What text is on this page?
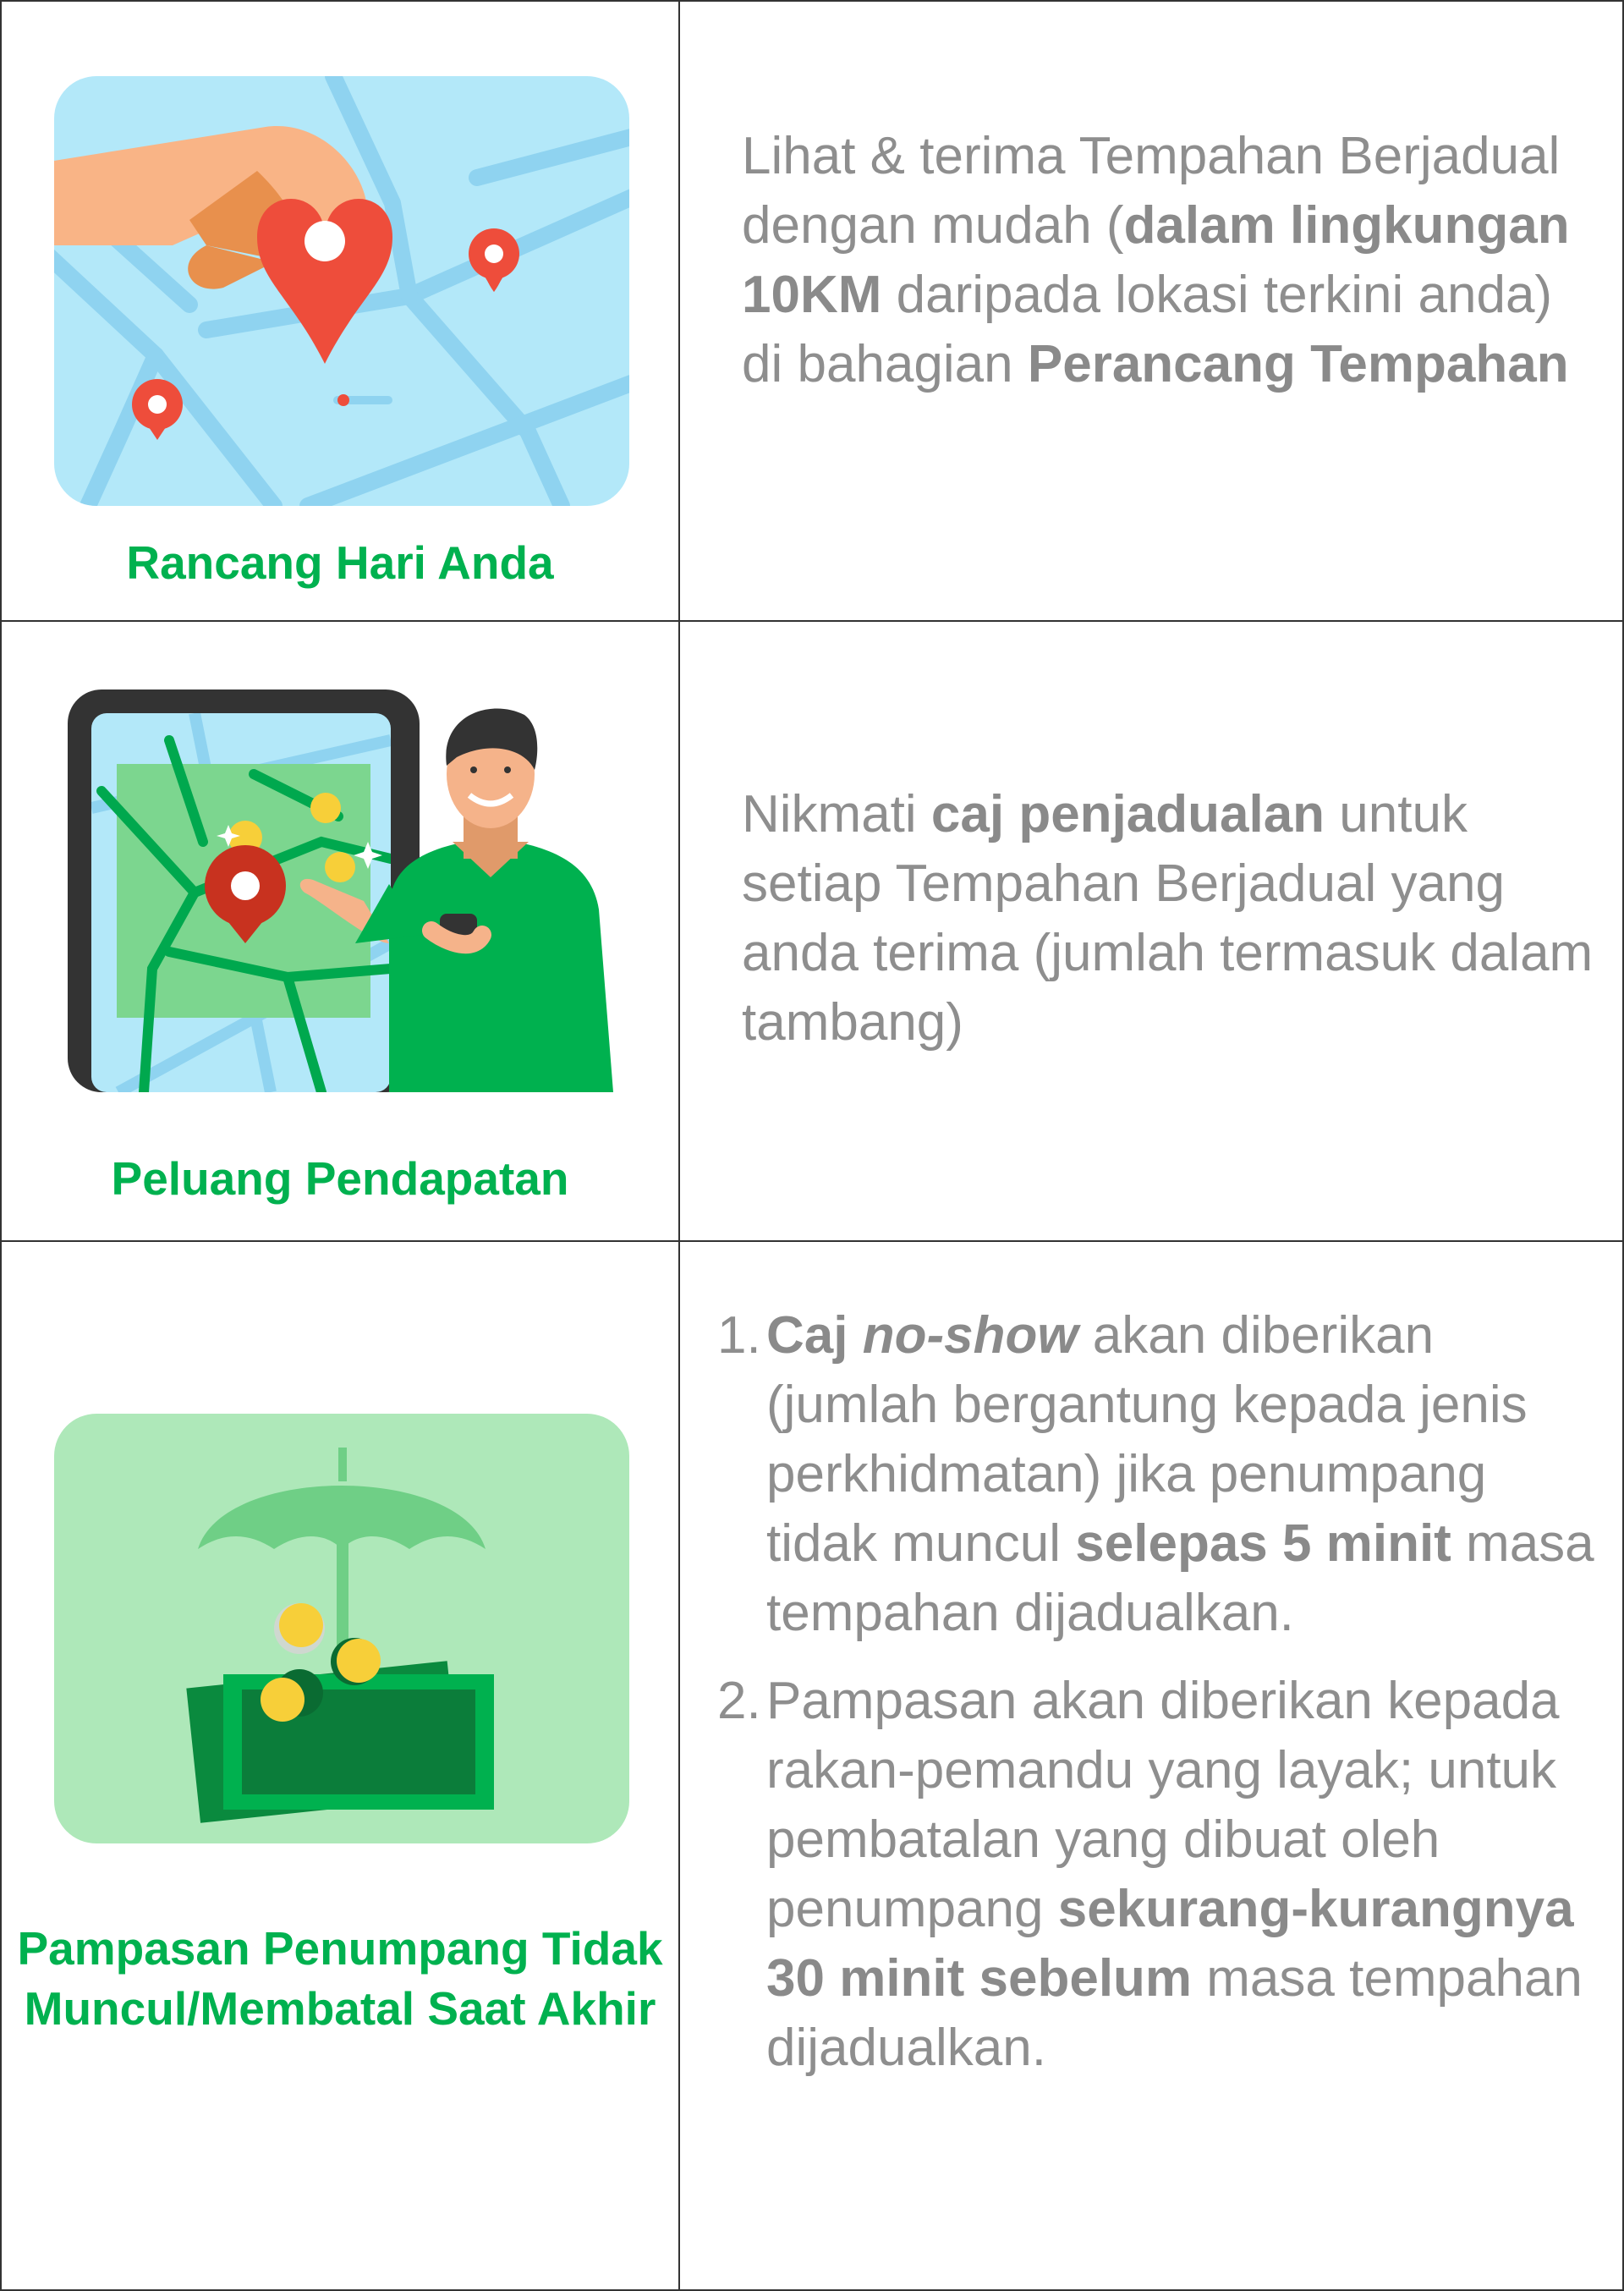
Rancang Hari Anda
Lihat & terima Tempahan Berjadual dengan mudah (dalam lingkungan 10KM daripada lokasi terkini anda) di bahagian Perancang Tempahan
Peluang Pendapatan
Nikmati caj penjadualan untuk setiap Tempahan Berjadual yang anda terima (jumlah termasuk dalam tambang)
Pampasan Penumpang Tidak Muncul/Membatal Saat Akhir
1. Caj no-show akan diberikan (jumlah bergantung kepada jenis perkhidmatan) jika penumpang tidak muncul selepas 5 minit masa tempahan dijadualkan.
2. Pampasan akan diberikan kepada rakan-pemandu yang layak; untuk pembatalan yang dibuat oleh penumpang sekurang-kurangnya 30 minit sebelum masa tempahan dijadualkan.
